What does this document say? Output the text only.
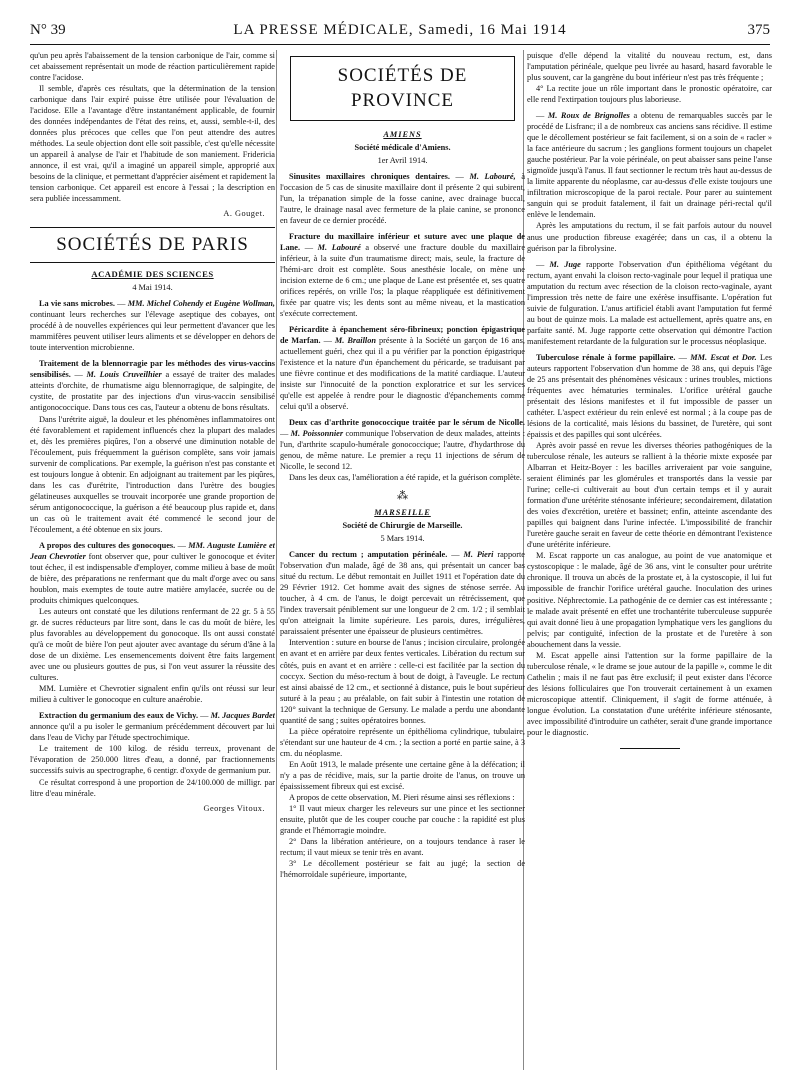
N° 39	LA PRESSE MÉDICALE, Samedi, 16 Mai 1914	375

qu'un peu après l'abaissement de la tension carbonique de l'air, comme si cet abaissement représentait un mode de réaction particulièrement rapide contre l'acidose.

Il semble, d'après ces résultats, que la détermination de la tension carbonique dans l'air expiré puisse être utilisée pour l'évaluation de l'acidose. Elle a l'avantage d'être instantanément applicable, de fournir des données indépendantes de l'état des reins, et, aussi, semble-t-il, des données plus précoces que celles que l'on peut attendre des autres méthodes. La seule objection dont elle soit passible, c'est qu'elle nécessite un appareil à analyse de l'air et l'habitude de son maniement. Fridericia annonce, il est vrai, qu'il a imaginé un appareil simple, approprié aux besoins de la clinique, et permettant d'apprécier aisément et rapidement la tension carbonique. Cet appareil est encore à l'essai ; la description en sera publiée incessamment.

A. Gouget.
SOCIÉTÉS DE PARIS
ACADÉMIE DES SCIENCES
4 Mai 1914.

La vie sans microbes. — MM. Michel Cohendy et Eugène Wollman, continuant leurs recherches sur l'élevage aseptique des cobayes, ont procédé à de nouvelles expériences qui leur permettent d'avancer que les mammifères peuvent utiliser leurs aliments et se développer en dehors de toute intervention microbienne.

Traitement de la blennorragie par les méthodes des virus-vaccins sensibilisés. — M. Louis Cruveilhier a essayé de traiter des malades atteints d'orchite, de rhumatisme aigu blennorragique, de salpingite, de cystite, de prostatite par des injections d'un virus-vaccin sensibilisé antigonococcique. Dans tous ces cas, l'auteur a obtenu de bons résultats.

Dans l'urétrite aiguë, la douleur et les phénomènes inflammatoires ont été favorablement et rapidement influencés chez la plupart des malades et, dès les premières piqûres, l'on a observé une diminution notable de l'écoulement, puis fréquemment la guérison complète, sans voir jamais survenir de complications. Par exemple, la guérison n'est pas constante et est toujours longue à obtenir. En adjoignant au traitement par les piqûres, dans les cas d'urétrite, l'introduction dans l'urètre des bougies gélatineuses auxquelles se trouvait incorporée une grande proportion de sérum antigonococcique, la guérison a été beaucoup plus rapide et, dans un cas où le traitement avait été commencé le second jour de l'écoulement, a été obtenue en six jours.

A propos des cultures des gonocoques. — MM. Auguste Lumière et Jean Chevrotier font observer que, pour cultiver le gonocoque et éviter tout échec, il est indispensable d'employer, comme milieu à base de moût de bière, des préparations ne renfermant que du malt d'orge avec ou sans houblon, mais exemptes de toute autre matière amylacée, sucrée ou de produits chimiques quelconques.

Les auteurs ont constaté que les dilutions renfermant de 22 gr. 5 à 55 gr. de sucres réducteurs par litre sont, dans le cas du moût de bière, les plus favorables au développement du gonocoque. Ils ont aussi constaté qu'à ce moût de bière l'on peut ajouter avec avantage du sérum d'âne à la dose de un dixième. Les ensemencements doivent être faits largement avec une ou plusieurs gouttes de pus, si l'on veut assurer la réussite des cultures.

MM. Lumière et Chevrotier signalent enfin qu'ils ont réussi sur leur milieu à cultiver le gonocoque en culture anaérobie.

Extraction du germanium des eaux de Vichy. — M. Jacques Bardet annonce qu'il a pu isoler le germanium précédemment découvert par lui dans l'eau de Vichy par l'étude spectrochimique.

Le traitement de 100 kilog. de résidu terreux, provenant de l'évaporation de 250.000 litres d'eau, a donné, par fractionnements successifs suivis au spectrographe, 6 centigr. d'oxyde de germanium pur.

Ce résultat correspond à une proportion de 24/100.000 de milligr. par litre d'eau minérale.

Georges Vitoux.
SOCIÉTÉS DE PROVINCE
AMIENS
Société médicale d'Amiens.
1er Avril 1914.

Sinusites maxillaires chroniques dentaires. — M. Labouré, à l'occasion de 5 cas de sinusite maxillaire dont il présente 2 qui subirent, l'un, la trépanation simple de la fosse canine, avec drainage buccal, l'autre, le drainage nasal avec fermeture de la plaie canine, se prononce en faveur de ce dernier procédé.

Fracture du maxillaire inférieur et suture avec une plaque de Lane. — M. Labouré a observé une fracture double du maxillaire inférieur, à la suite d'un traumatisme direct; mais, seule, la fracture de l'hémi-arc droit est complète. Sous anesthésie locale, on mène une incision externe de 6 cm.; une plaque de Lane est présentée et, ses quatre orifices repérés, on vrille l'os; la plaque réappliquée est définitivement fixée par quatre vis; les dents sont au même niveau, et la mastication s'exécute correctement.

Péricardite à épanchement séro-fibrineux; ponction épigastrique de Marfan. — M. Braillon présente à la Société un garçon de 16 ans, actuellement guéri, chez qui il a pu vérifier par la ponction épigastrique l'existence et la nature d'un épanchement du péricarde, se traduisant par une fièvre continue et des modifications de la matité cardiaque. L'auteur insiste sur l'innocuité de la ponction exploratrice et sur les services qu'elle est appelée à rendre pour le diagnostic d'épanchements comme celui qu'il a observé.

Deux cas d'arthrite gonococcique traitée par le sérum de Nicolle. — M. Poissonnier communique l'observation de deux malades, atteints : l'un, d'arthrite scapulo-humérale gonococcique; l'autre, d'hydarthrose du genou, de même nature. Le premier a reçu 11 injections de sérum de Nicolle, le second 12.

Dans les deux cas, l'amélioration a été rapide, et la guérison complète.

⁂
MARSEILLE
Société de Chirurgie de Marseille.
5 Mars 1914.

Cancer du rectum ; amputation périnéale. — M. Pieri rapporte l'observation d'un malade, âgé de 38 ans, qui présentait un cancer bas situé du rectum. Le début remontait en Juillet 1911 et l'opération date du 29 Février 1912. Cet homme avait des signes de sténose serrée. Au toucher, à 4 cm. de l'anus, le doigt percevait un rétrécissement, que l'index traversait péniblement sur une longueur de 2 cm. 1/2 ; il semblait qu'on atteignait la limite supérieure. Les parois, dures, irrégulières, paraissaient présenter une épaisseur de plusieurs centimètres.

Intervention : suture en bourse de l'anus ; incision circulaire, prolongée en avant et en arrière par deux fentes verticales. Libération du rectum sur côtés, puis en avant et en arrière : celle-ci est facilitée par la section du coccyx. Section du méso-rectum à bout de doigt, à l'aveugle. Le rectum est ainsi abaissé de 12 cm., et sectionné à distance, puis le bout supérieur suturé à la peau ; au préalable, on fait subir à l'intestin une rotation de 120° suivant la technique de Gersuny. Le malade a perdu une abondante quantité de sang ; suites opératoires bonnes.

La pièce opératoire représente un épithélioma cylindrique, tubulaire, s'étendant sur une hauteur de 4 cm. ; la section a porté en partie saine, à 3 cm. du néoplasme.

En Août 1913, le malade présente une certaine gêne à la défécation; il n'y a pas de récidive, mais, sur la partie droite de l'anus, on trouve un épaississement fibreux qui est excisé.

A propos de cette observation, M. Pieri résume ainsi ses réflexions :

1° Il vaut mieux charger les releveurs sur une pince et les sectionner ensuite, plutôt que de les couper couche par couche : la rapidité est plus grande et l'hémorragie moindre.

2° Dans la libération antérieure, on a toujours tendance à raser le rectum; il vaut mieux se tenir très en avant.

3° Le décollement postérieur se fait au jugé; la section de l'hémorroïdale supérieure, importante,

puisque d'elle dépend la vitalité du nouveau rectum, est, dans l'amputation périnéale, quelque peu livrée au hasard, hasard favorable le plus souvent, car la gangrène du bout inférieur n'est pas très fréquente ;

4° La rectite joue un rôle important dans le pronostic opératoire, car elle rend l'extirpation toujours plus laborieuse.

— M. Roux de Brignolles a obtenu de remarquables succès par le procédé de Lisfranc; il a de nombreux cas anciens sans récidive. Il estime que le décollement postérieur se fait facilement, si on a soin de « racler » la face antérieure du sacrum ; les ganglions forment toujours un chapelet gauche postérieur. Par la voie périnéale, on peut abaisser sans peine l'anse sigmoïde jusqu'à l'anus. Il faut sectionner le rectum très haut au-dessus de la limite apparente du néoplasme, car au-dessus d'elle existe toujours une infiltration microscopique de la paroi rectale. Pour parer au suintement sanguin qui se produit fatalement, il fait un drainage péri-rectal qu'il enlève le lendemain.

Après les amputations du rectum, il se fait parfois autour du nouvel anus une production fibreuse exagérée; dans un cas, il a obtenu la guérison par la fibrolysine.

— M. Juge rapporte l'observation d'un épithélioma végétant du rectum, ayant envahi la cloison recto-vaginale pour lequel il pratiqua une amputation du rectum avec résection de la cloison recto-vaginale, ayant l'impression très nette de faire une exérèse insuffisante. L'opération fut suivie de fulguration. L'anus artificiel établi avant l'amputation fut fermé au bout de quinze mois. La malade est actuellement, après quatre ans, en parfaite santé. M. Juge rapporte cette observation qui démontre l'action manifestement retardante de la fulguration sur le processus néoplasique.

Tuberculose rénale à forme papillaire. — MM. Escat et Dor. Les auteurs rapportent l'observation d'un homme de 38 ans, qui depuis l'âge de 25 ans présentait des phénomènes vésicaux : urines troubles, mictions fréquentes avec hématuries terminales. L'orifice urétéral gauche présentait des lésions manifestes et il fut impossible de passer un cathéter. L'aspect extérieur du rein enlevé est normal ; à la coupe pas de lésions de la corticalité, mais lésions du bassinet, de l'uretère, qui sont épaissis et des papilles qui sont ulcérées.

Après avoir passé en revue les diverses théories pathogéniques de la tuberculose rénale, les auteurs se rallient à la théorie mixte exposée par Albarran et Heitz-Boyer : les bacilles arriveraient par voie sanguine, seraient éliminés par les glomérules et transportés dans la vessie par l'urine; celle-ci cultiverait au bout d'un certain temps et il y aurait formation d'une urétérite sténosante inférieure; secondairement, dilatation des voies d'excrétion, uretère et bassinet; enfin, atteinte ascendante des papilles qui baignent dans l'urine infectée. L'impossibilité de franchir l'uretère gauche serait en faveur de cette théorie en démontrant l'existence d'une urétérite inférieure.

M. Escat rapporte un cas analogue, au point de vue anatomique et cystoscopique : le malade, âgé de 36 ans, vint le consulter pour urétrite chronique. Il trouva un abcès de la prostate et, à la cystoscopie, il lui fut impossible de franchir l'orifice urétéral gauche. Inoculation des urines positive. Néphrectomie. La pathogénie de ce dernier cas est intéressante ; le malade avait présenté en effet une trochantérite tuberculeuse suppurée qui avait donné lieu à une propagation lymphatique vers les ganglions du pelvis; par contiguïté, infection de la prostate et de l'uretère à son abouchement dans la vessie.

M. Escat appelle ainsi l'attention sur la forme papillaire de la tuberculose rénale, « le drame se joue autour de la papille », comme le dit Cathelin ; mais il ne faut pas être exclusif; il peut exister dans l'écorce des lésions folliculaires que l'on trouverait certainement à un examen microscopique attentif. Cliniquement, il s'agit de forme atténuée, à longue évolution. La constatation d'une urétérite inférieure sténosante, avec impossibilité d'introduire un cathéter, serait d'une grande importance pour le diagnostic.
